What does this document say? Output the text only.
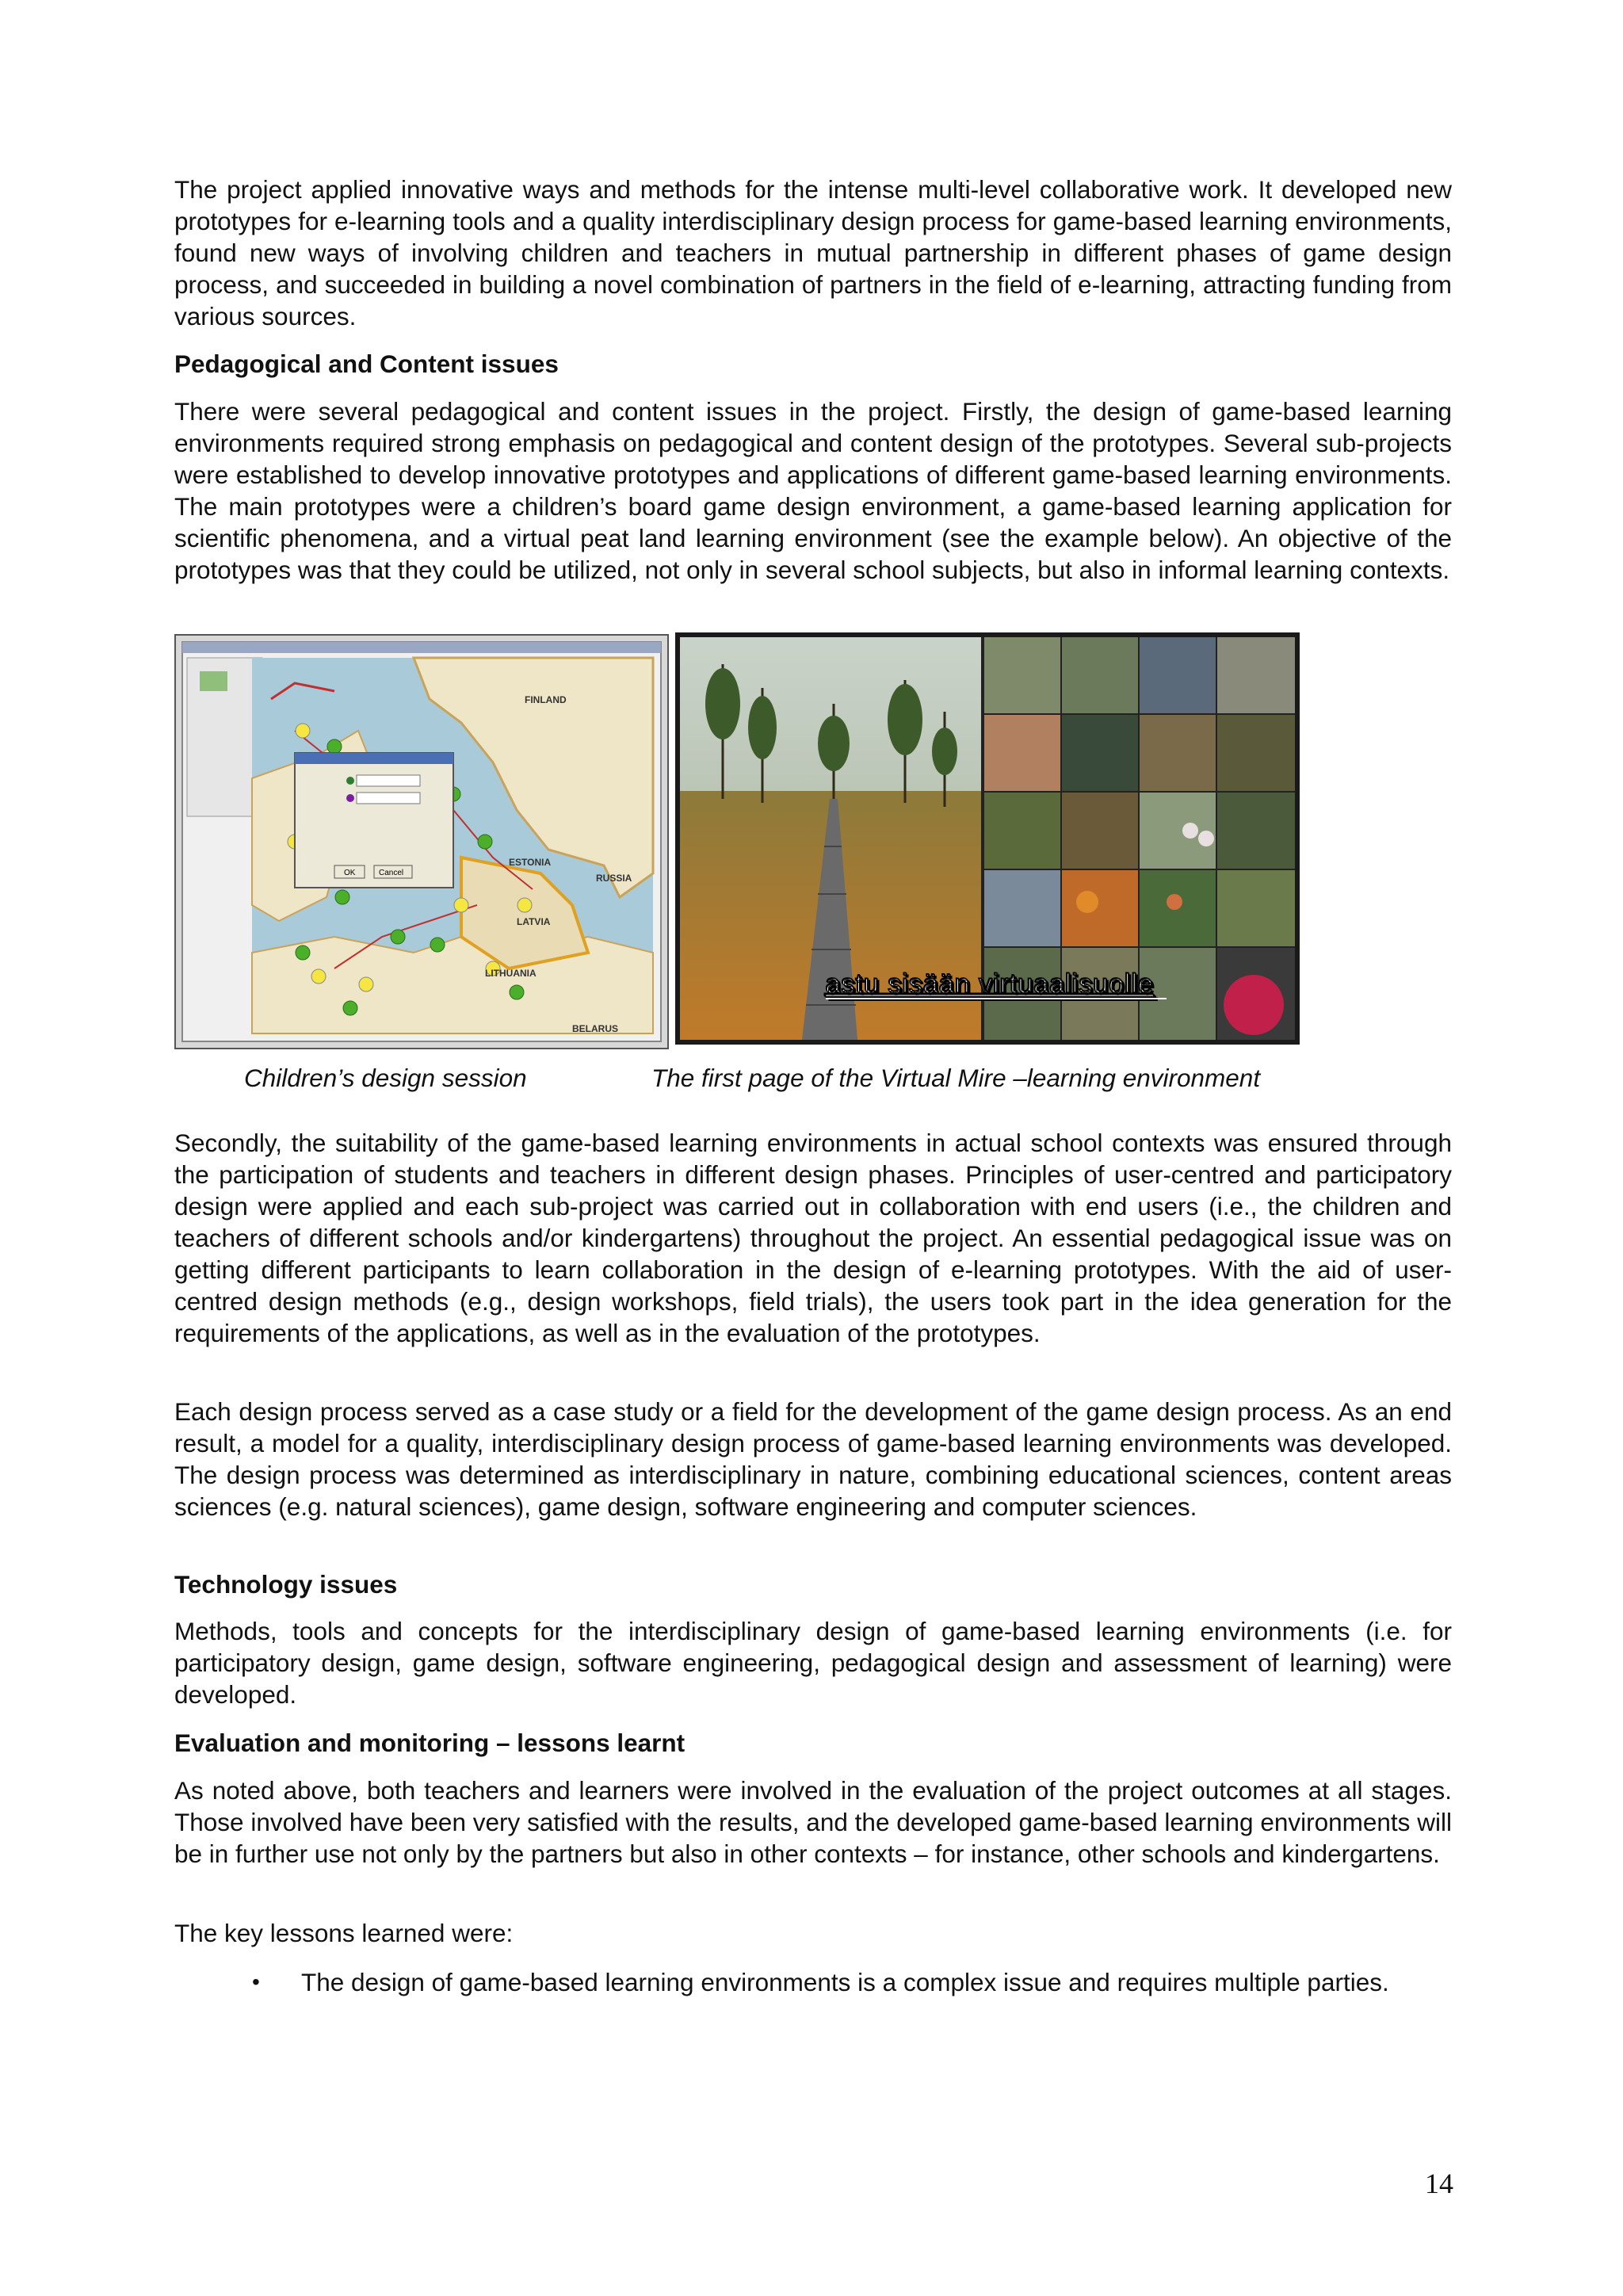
The project applied innovative ways and methods for the intense multi-level collaborative work. It developed new prototypes for e-learning tools and a quality interdisciplinary design process for game-based learning environments, found new ways of involving children and teachers in mutual partnership in different phases of game design process, and succeeded in building a novel combination of partners in the field of e-learning, attracting funding from various sources.

Pedagogical and Content issues

There were several pedagogical and content issues in the project. Firstly, the design of game-based learning environments required strong emphasis on pedagogical and content design of the prototypes. Several sub-projects were established to develop innovative prototypes and applications of different game-based learning environments. The main prototypes were a children’s board game design environment, a game-based learning application for scientific phenomena, and a virtual peat land learning environment (see the example below). An objective of the prototypes was that they could be utilized, not only in several school subjects, but also in informal learning contexts.

FINLAND
ESTONIA
RUSSIA
LATVIA
LITHUANIA
BELARUS
OK	Cancel
astu sisään virtuaalisuolle
Children’s design session	The first page of the Virtual Mire –learning environment

Secondly, the suitability of the game-based learning environments in actual school contexts was ensured through the participation of students and teachers in different design phases. Principles of user-centred and participatory design were applied and each sub-project was carried out in collaboration with end users (i.e., the children and teachers of different schools and/or kindergartens) throughout the project. An essential pedagogical issue was on getting different participants to learn collaboration in the design of e-learning prototypes. With the aid of user-centred design methods (e.g., design workshops, field trials), the users took part in the idea generation for the requirements of the applications, as well as in the evaluation of the prototypes.

Each design process served as a case study or a field for the development of the game design process. As an end result, a model for a quality, interdisciplinary design process of game-based learning environments was developed. The design process was determined as interdisciplinary in nature, combining educational sciences, content areas sciences (e.g. natural sciences), game design, software engineering and computer sciences.

Technology issues

Methods, tools and concepts for the interdisciplinary design of game-based learning environments (i.e. for participatory design, game design, software engineering, pedagogical design and assessment of learning) were developed.

Evaluation and monitoring – lessons learnt

As noted above, both teachers and learners were involved in the evaluation of the project outcomes at all stages. Those involved have been very satisfied with the results, and the developed game-based learning environments will be in further use not only by the partners but also in other contexts – for instance, other schools and kindergartens.

The key lessons learned were:

• The design of game-based learning environments is a complex issue and requires multiple parties.
14
